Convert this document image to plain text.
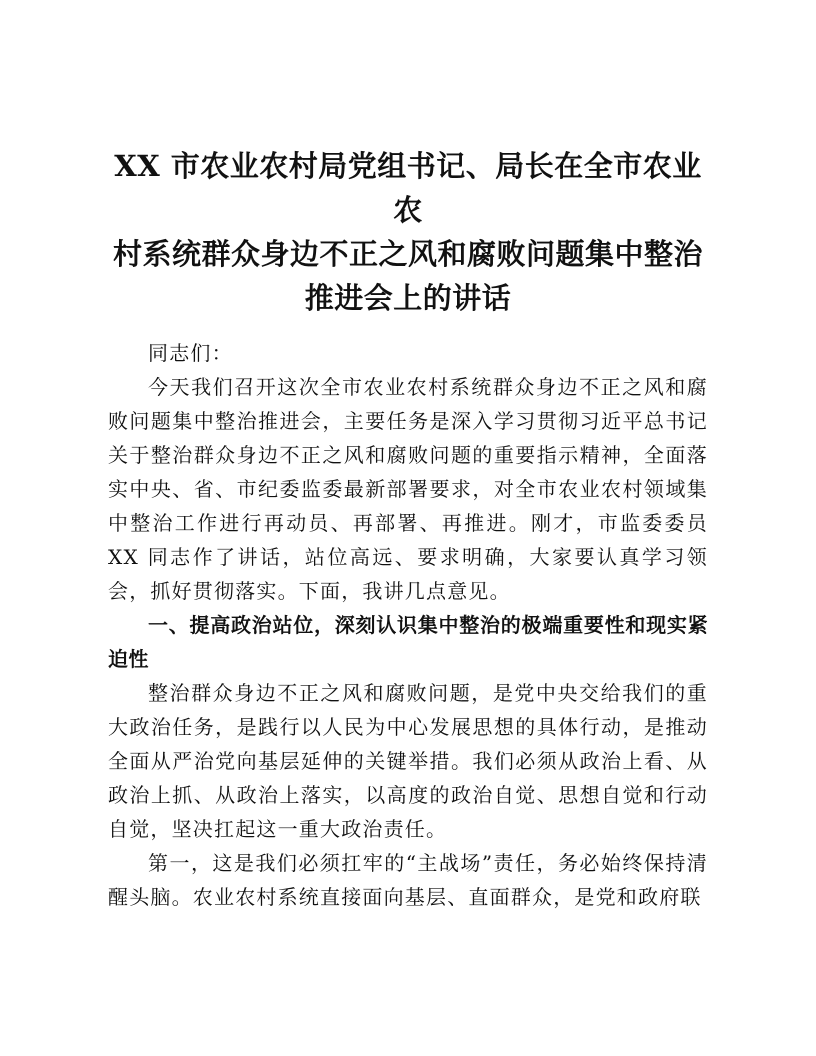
XX 市农业农村局党组书记、局长在全市农业农
村系统群众身边不正之风和腐败问题集中整治
推进会上的讲话

同志们：

今天我们召开这次全市农业农村系统群众身边不正之风和腐败问题集中整治推进会，主要任务是深入学习贯彻习近平总书记关于整治群众身边不正之风和腐败问题的重要指示精神，全面落实中央、省、市纪委监委最新部署要求，对全市农业农村领域集中整治工作进行再动员、再部署、再推进。刚才，市监委委员 XX 同志作了讲话，站位高远、要求明确，大家要认真学习领会，抓好贯彻落实。下面，我讲几点意见。

一、提高政治站位，深刻认识集中整治的极端重要性和现实紧迫性

整治群众身边不正之风和腐败问题，是党中央交给我们的重大政治任务，是践行以人民为中心发展思想的具体行动，是推动全面从严治党向基层延伸的关键举措。我们必须从政治上看、从政治上抓、从政治上落实，以高度的政治自觉、思想自觉和行动自觉，坚决扛起这一重大政治责任。

第一，这是我们必须扛牢的“主战场”责任，务必始终保持清醒头脑。农业农村系统直接面向基层、直面群众，是党和政府联
